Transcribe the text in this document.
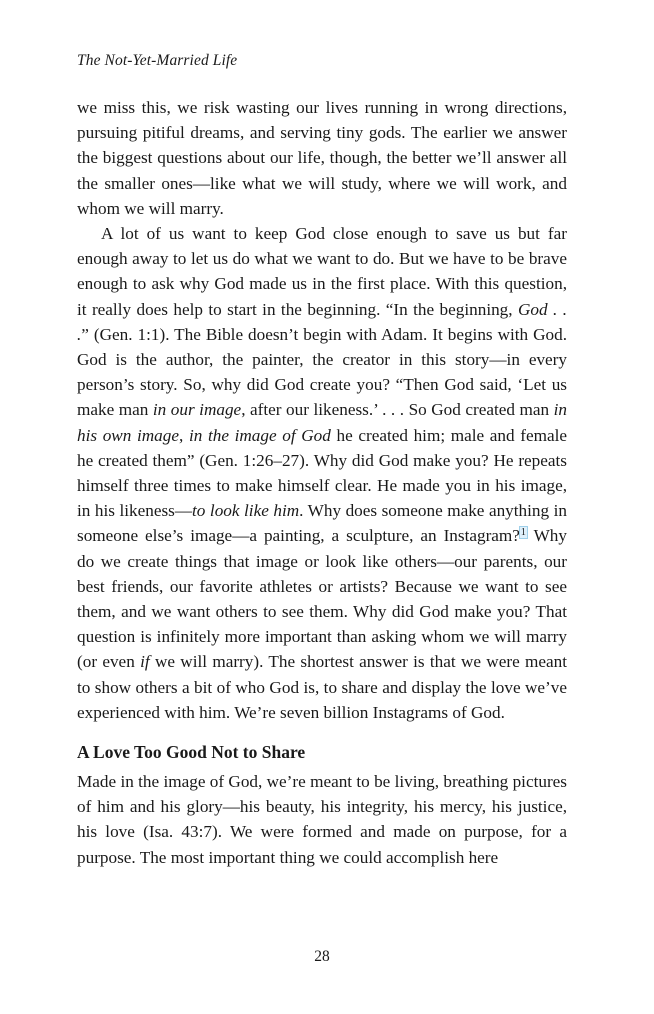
The Not-Yet-Married Life

we miss this, we risk wasting our lives running in wrong directions, pursuing pitiful dreams, and serving tiny gods. The earlier we answer the biggest questions about our life, though, the better we’ll answer all the smaller ones—like what we will study, where we will work, and whom we will marry.

A lot of us want to keep God close enough to save us but far enough away to let us do what we want to do. But we have to be brave enough to ask why God made us in the first place. With this question, it really does help to start in the beginning. “In the beginning, God . . .” (Gen. 1:1). The Bible doesn’t begin with Adam. It begins with God. God is the author, the painter, the creator in this story—in every person’s story. So, why did God create you? “Then God said, ‘Let us make man in our image, after our likeness.’ . . . So God created man in his own image, in the image of God he created him; male and female he created them” (Gen. 1:26–27). Why did God make you? He repeats himself three times to make himself clear. He made you in his image, in his likeness—to look like him. Why does someone make anything in someone else’s image—a painting, a sculpture, an Instagram?$^1$ Why do we create things that image or look like others—our parents, our best friends, our favorite athletes or artists? Because we want to see them, and we want others to see them. Why did God make you? That question is infinitely more important than asking whom we will marry (or even if we will marry). The shortest answer is that we were meant to show others a bit of who God is, to share and display the love we’ve experienced with him. We’re seven billion Instagrams of God.

A Love Too Good Not to Share

Made in the image of God, we’re meant to be living, breathing pictures of him and his glory—his beauty, his integrity, his mercy, his justice, his love (Isa. 43:7). We were formed and made on purpose, for a purpose. The most important thing we could accomplish here

28
